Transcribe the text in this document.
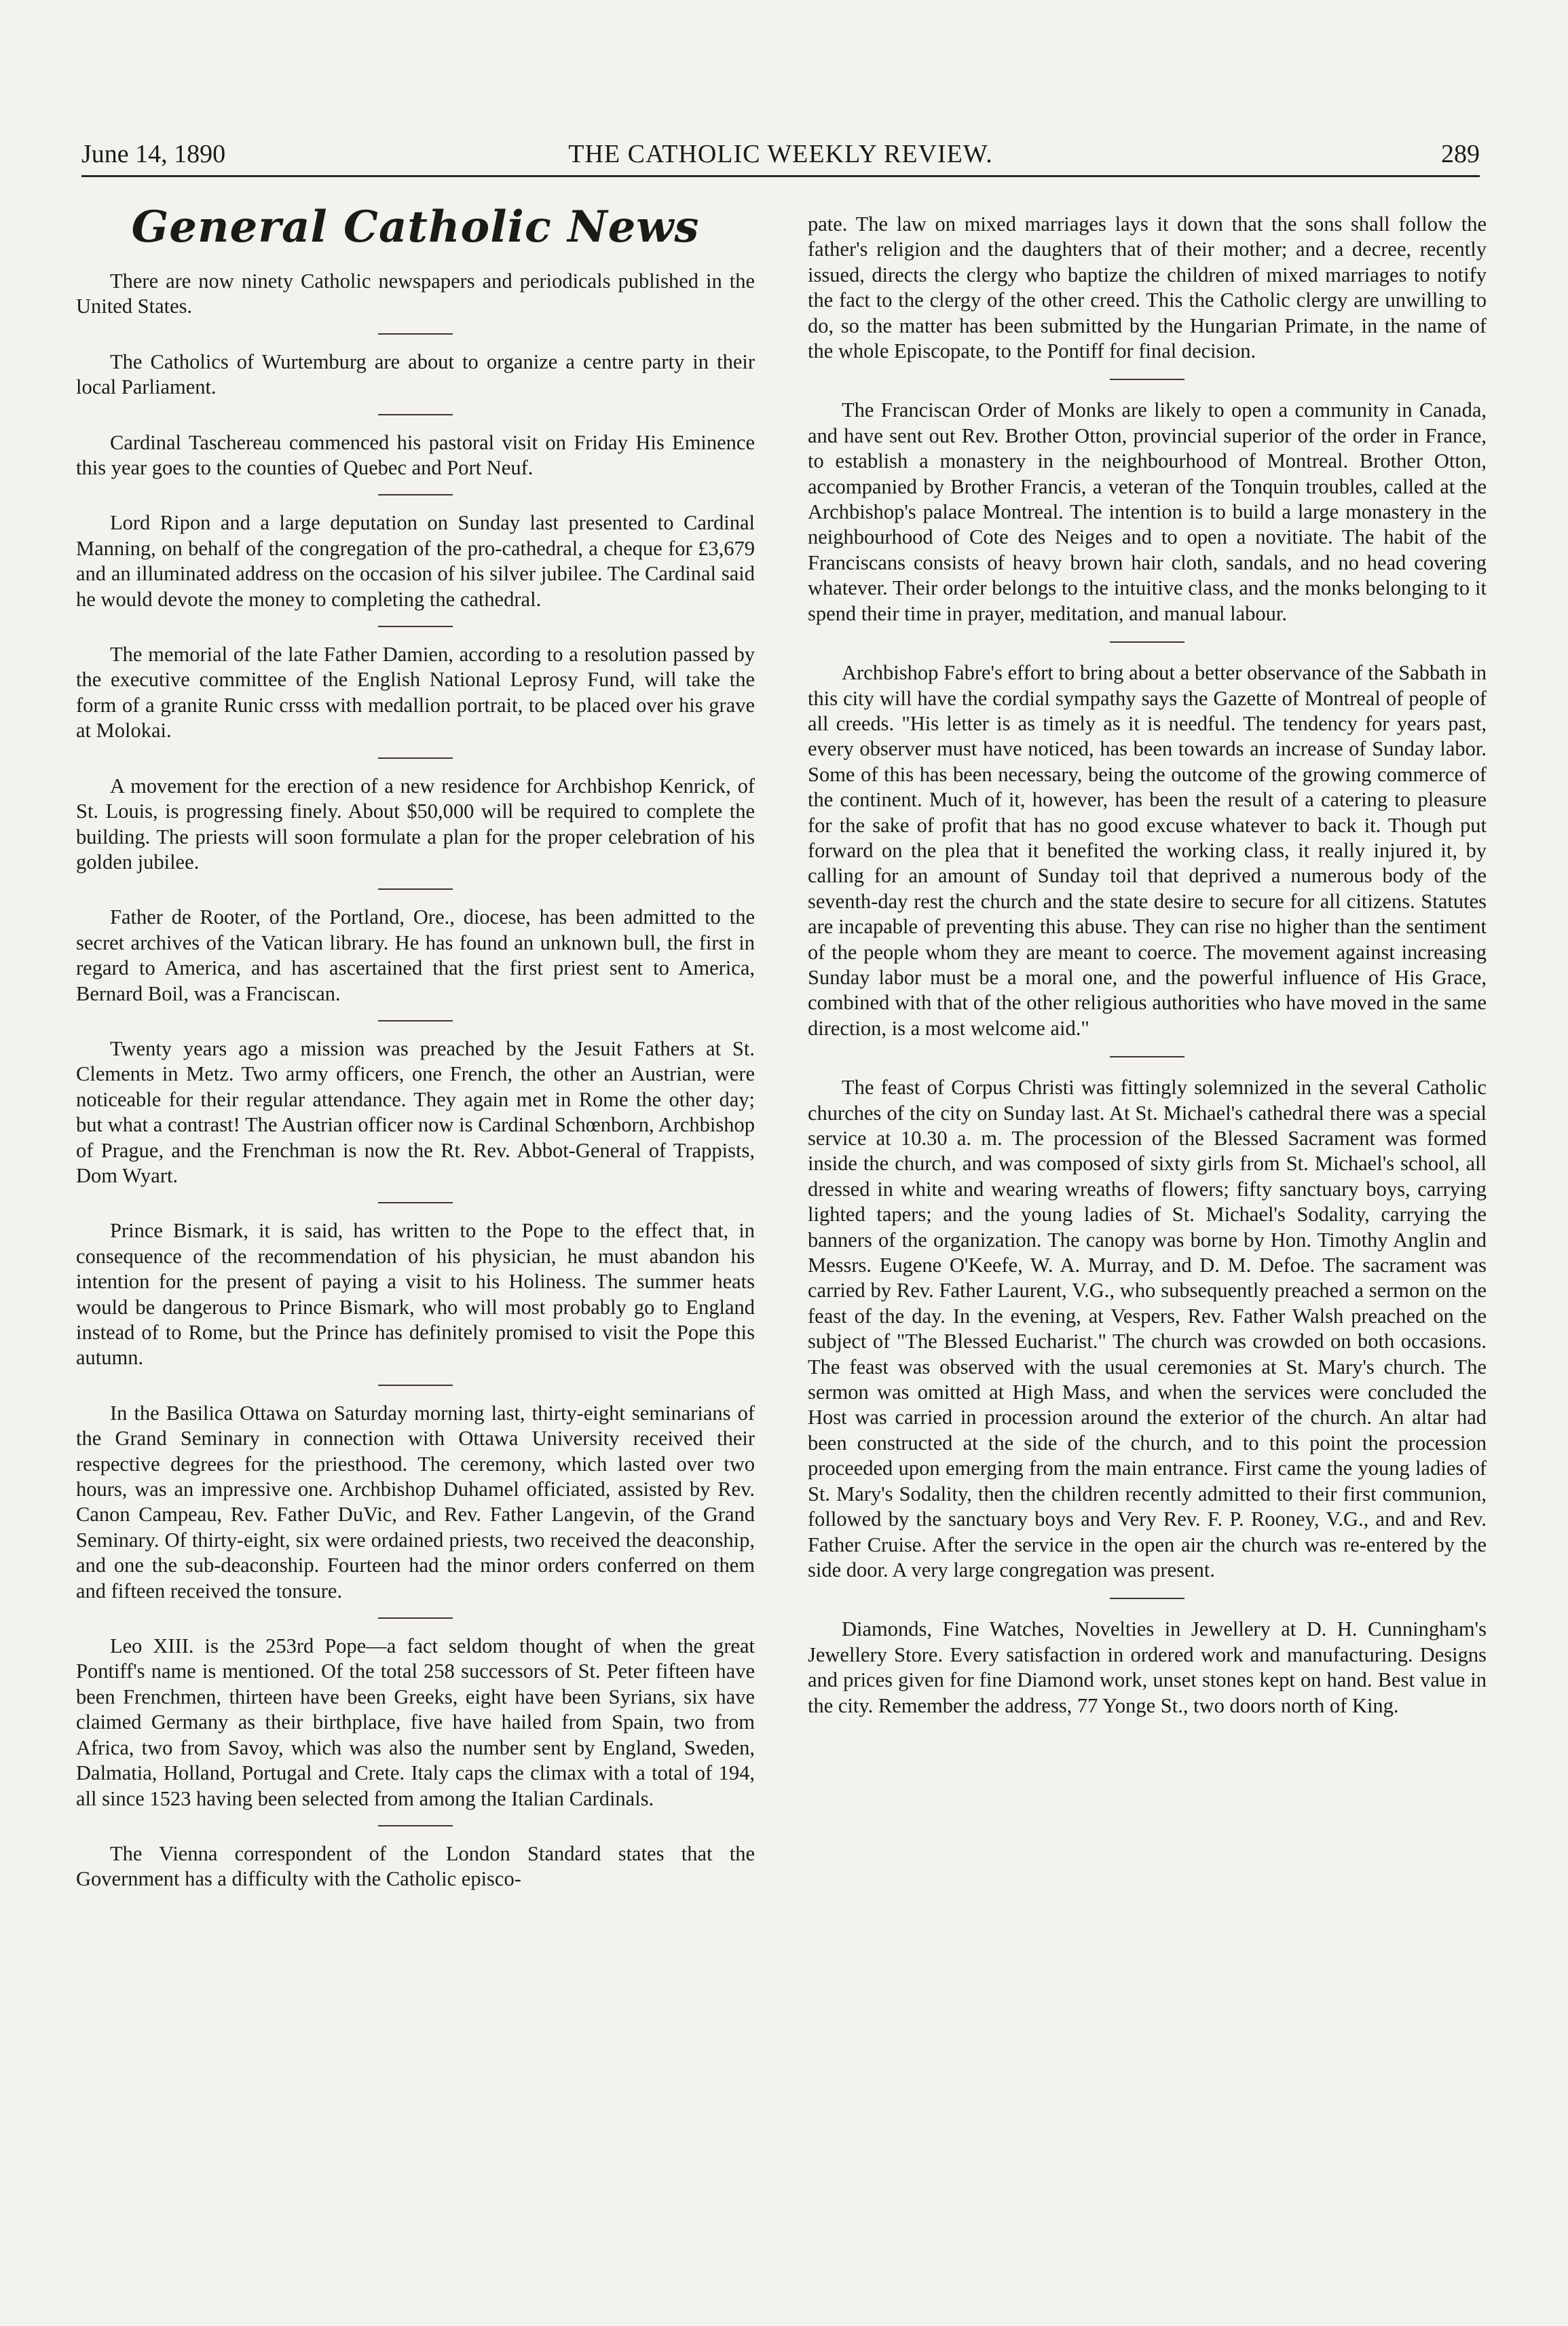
June 14, 1890	THE CATHOLIC WEEKLY REVIEW.	289
General Catholic News

There are now ninety Catholic newspapers and periodicals published in the United States.

The Catholics of Wurtemburg are about to organize a centre party in their local Parliament.

Cardinal Taschereau commenced his pastoral visit on Friday His Eminence this year goes to the counties of Quebec and Port Neuf.

Lord Ripon and a large deputation on Sunday last presented to Cardinal Manning, on behalf of the congregation of the pro-cathedral, a cheque for £3,679 and an illuminated address on the occasion of his silver jubilee. The Cardinal said he would devote the money to completing the cathedral.

The memorial of the late Father Damien, according to a resolution passed by the executive committee of the English National Leprosy Fund, will take the form of a granite Runic crsss with medallion portrait, to be placed over his grave at Molokai.

A movement for the erection of a new residence for Archbishop Kenrick, of St. Louis, is progressing finely. About $50,000 will be required to complete the building. The priests will soon formulate a plan for the proper celebration of his golden jubilee.

Father de Rooter, of the Portland, Ore., diocese, has been admitted to the secret archives of the Vatican library. He has found an unknown bull, the first in regard to America, and has ascertained that the first priest sent to America, Bernard Boil, was a Franciscan.

Twenty years ago a mission was preached by the Jesuit Fathers at St. Clements in Metz. Two army officers, one French, the other an Austrian, were noticeable for their regular attendance. They again met in Rome the other day; but what a contrast! The Austrian officer now is Cardinal Schœnborn, Archbishop of Prague, and the Frenchman is now the Rt. Rev. Abbot-General of Trappists, Dom Wyart.

Prince Bismark, it is said, has written to the Pope to the effect that, in consequence of the recommendation of his physician, he must abandon his intention for the present of paying a visit to his Holiness. The summer heats would be dangerous to Prince Bismark, who will most probably go to England instead of to Rome, but the Prince has definitely promised to visit the Pope this autumn.

In the Basilica Ottawa on Saturday morning last, thirty-eight seminarians of the Grand Seminary in connection with Ottawa University received their respective degrees for the priesthood. The ceremony, which lasted over two hours, was an impressive one. Archbishop Duhamel officiated, assisted by Rev. Canon Campeau, Rev. Father DuVic, and Rev. Father Langevin, of the Grand Seminary. Of thirty-eight, six were ordained priests, two received the deaconship, and one the sub-deaconship. Fourteen had the minor orders conferred on them and fifteen received the tonsure.

Leo XIII. is the 253rd Pope—a fact seldom thought of when the great Pontiff's name is mentioned. Of the total 258 successors of St. Peter fifteen have been Frenchmen, thirteen have been Greeks, eight have been Syrians, six have claimed Germany as their birthplace, five have hailed from Spain, two from Africa, two from Savoy, which was also the number sent by England, Sweden, Dalmatia, Holland, Portugal and Crete. Italy caps the climax with a total of 194, all since 1523 having been selected from among the Italian Cardinals.

The Vienna correspondent of the London Standard states that the Government has a difficulty with the Catholic episco-

pate. The law on mixed marriages lays it down that the sons shall follow the father's religion and the daughters that of their mother; and a decree, recently issued, directs the clergy who baptize the children of mixed marriages to notify the fact to the clergy of the other creed. This the Catholic clergy are unwilling to do, so the matter has been submitted by the Hungarian Primate, in the name of the whole Episcopate, to the Pontiff for final decision.

The Franciscan Order of Monks are likely to open a community in Canada, and have sent out Rev. Brother Otton, provincial superior of the order in France, to establish a monastery in the neighbourhood of Montreal. Brother Otton, accompanied by Brother Francis, a veteran of the Tonquin troubles, called at the Archbishop's palace Montreal. The intention is to build a large monastery in the neighbourhood of Cote des Neiges and to open a novitiate. The habit of the Franciscans consists of heavy brown hair cloth, sandals, and no head covering whatever. Their order belongs to the intuitive class, and the monks belonging to it spend their time in prayer, meditation, and manual labour.

Archbishop Fabre's effort to bring about a better observance of the Sabbath in this city will have the cordial sympathy says the Gazette of Montreal of people of all creeds. "His letter is as timely as it is needful. The tendency for years past, every observer must have noticed, has been towards an increase of Sunday labor. Some of this has been necessary, being the outcome of the growing commerce of the continent. Much of it, however, has been the result of a catering to pleasure for the sake of profit that has no good excuse whatever to back it. Though put forward on the plea that it benefited the working class, it really injured it, by calling for an amount of Sunday toil that deprived a numerous body of the seventh-day rest the church and the state desire to secure for all citizens. Statutes are incapable of preventing this abuse. They can rise no higher than the sentiment of the people whom they are meant to coerce. The movement against increasing Sunday labor must be a moral one, and the powerful influence of His Grace, combined with that of the other religious authorities who have moved in the same direction, is a most welcome aid."

The feast of Corpus Christi was fittingly solemnized in the several Catholic churches of the city on Sunday last. At St. Michael's cathedral there was a special service at 10.30 a. m. The procession of the Blessed Sacrament was formed inside the church, and was composed of sixty girls from St. Michael's school, all dressed in white and wearing wreaths of flowers; fifty sanctuary boys, carrying lighted tapers; and the young ladies of St. Michael's Sodality, carrying the banners of the organization. The canopy was borne by Hon. Timothy Anglin and Messrs. Eugene O'Keefe, W. A. Murray, and D. M. Defoe. The sacrament was carried by Rev. Father Laurent, V.G., who subsequently preached a sermon on the feast of the day. In the evening, at Vespers, Rev. Father Walsh preached on the subject of "The Blessed Eucharist." The church was crowded on both occasions. The feast was observed with the usual ceremonies at St. Mary's church. The sermon was omitted at High Mass, and when the services were concluded the Host was carried in procession around the exterior of the church. An altar had been constructed at the side of the church, and to this point the procession proceeded upon emerging from the main entrance. First came the young ladies of St. Mary's Sodality, then the children recently admitted to their first communion, followed by the sanctuary boys and Very Rev. F. P. Rooney, V.G., and and Rev. Father Cruise. After the service in the open air the church was re-entered by the side door. A very large congregation was present.

Diamonds, Fine Watches, Novelties in Jewellery at D. H. Cunningham's Jewellery Store. Every satisfaction in ordered work and manufacturing. Designs and prices given for fine Diamond work, unset stones kept on hand. Best value in the city. Remember the address, 77 Yonge St., two doors north of King.
